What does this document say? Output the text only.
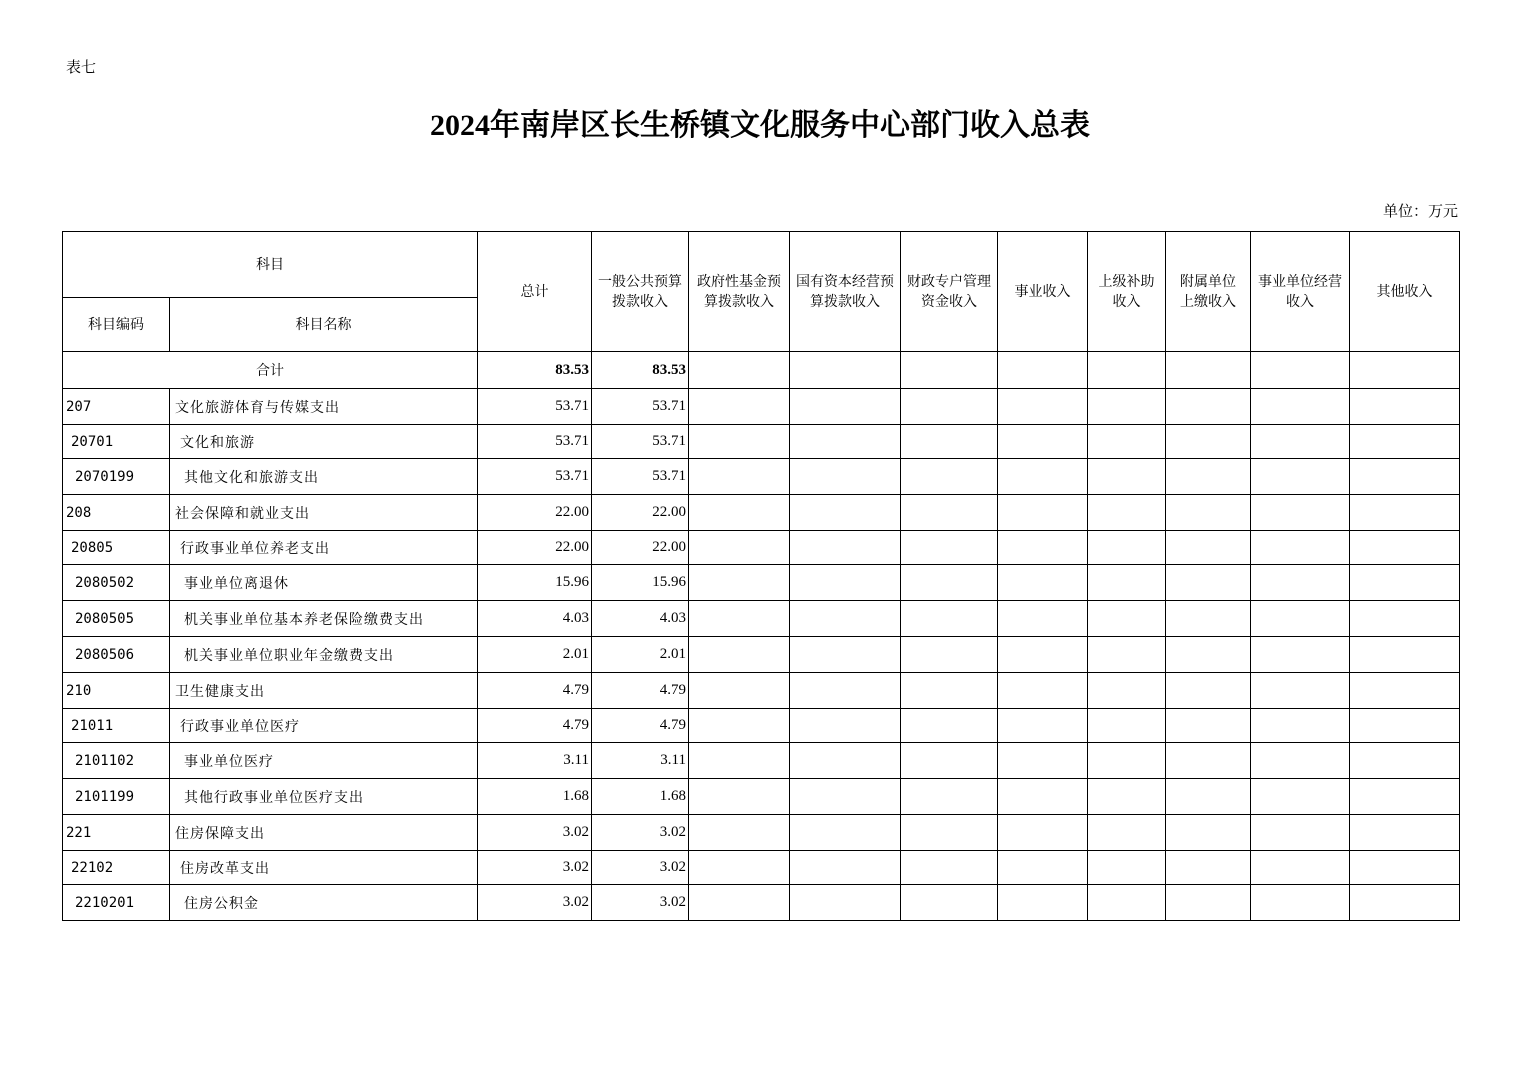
表七
2024年南岸区长生桥镇文化服务中心部门收入总表
单位：万元
科目		总计	一般公共预算拨款收入	政府性基金预算拨款收入	国有资本经营预算拨款收入	财政专户管理资金收入	事业收入	上级补助收入	附属单位上缴收入	事业单位经营收入	其他收入
科目编码	科目名称										
合计		83.53	83.53								
207	文化旅游体育与传媒支出	53.71	53.71								
20701	文化和旅游	53.71	53.71								
2070199	其他文化和旅游支出	53.71	53.71								
208	社会保障和就业支出	22.00	22.00								
20805	行政事业单位养老支出	22.00	22.00								
2080502	事业单位离退休	15.96	15.96								
2080505	机关事业单位基本养老保险缴费支出	4.03	4.03								
2080506	机关事业单位职业年金缴费支出	2.01	2.01								
210	卫生健康支出	4.79	4.79								
21011	行政事业单位医疗	4.79	4.79								
2101102	事业单位医疗	3.11	3.11								
2101199	其他行政事业单位医疗支出	1.68	1.68								
221	住房保障支出	3.02	3.02								
22102	住房改革支出	3.02	3.02								
2210201	住房公积金	3.02	3.02								
